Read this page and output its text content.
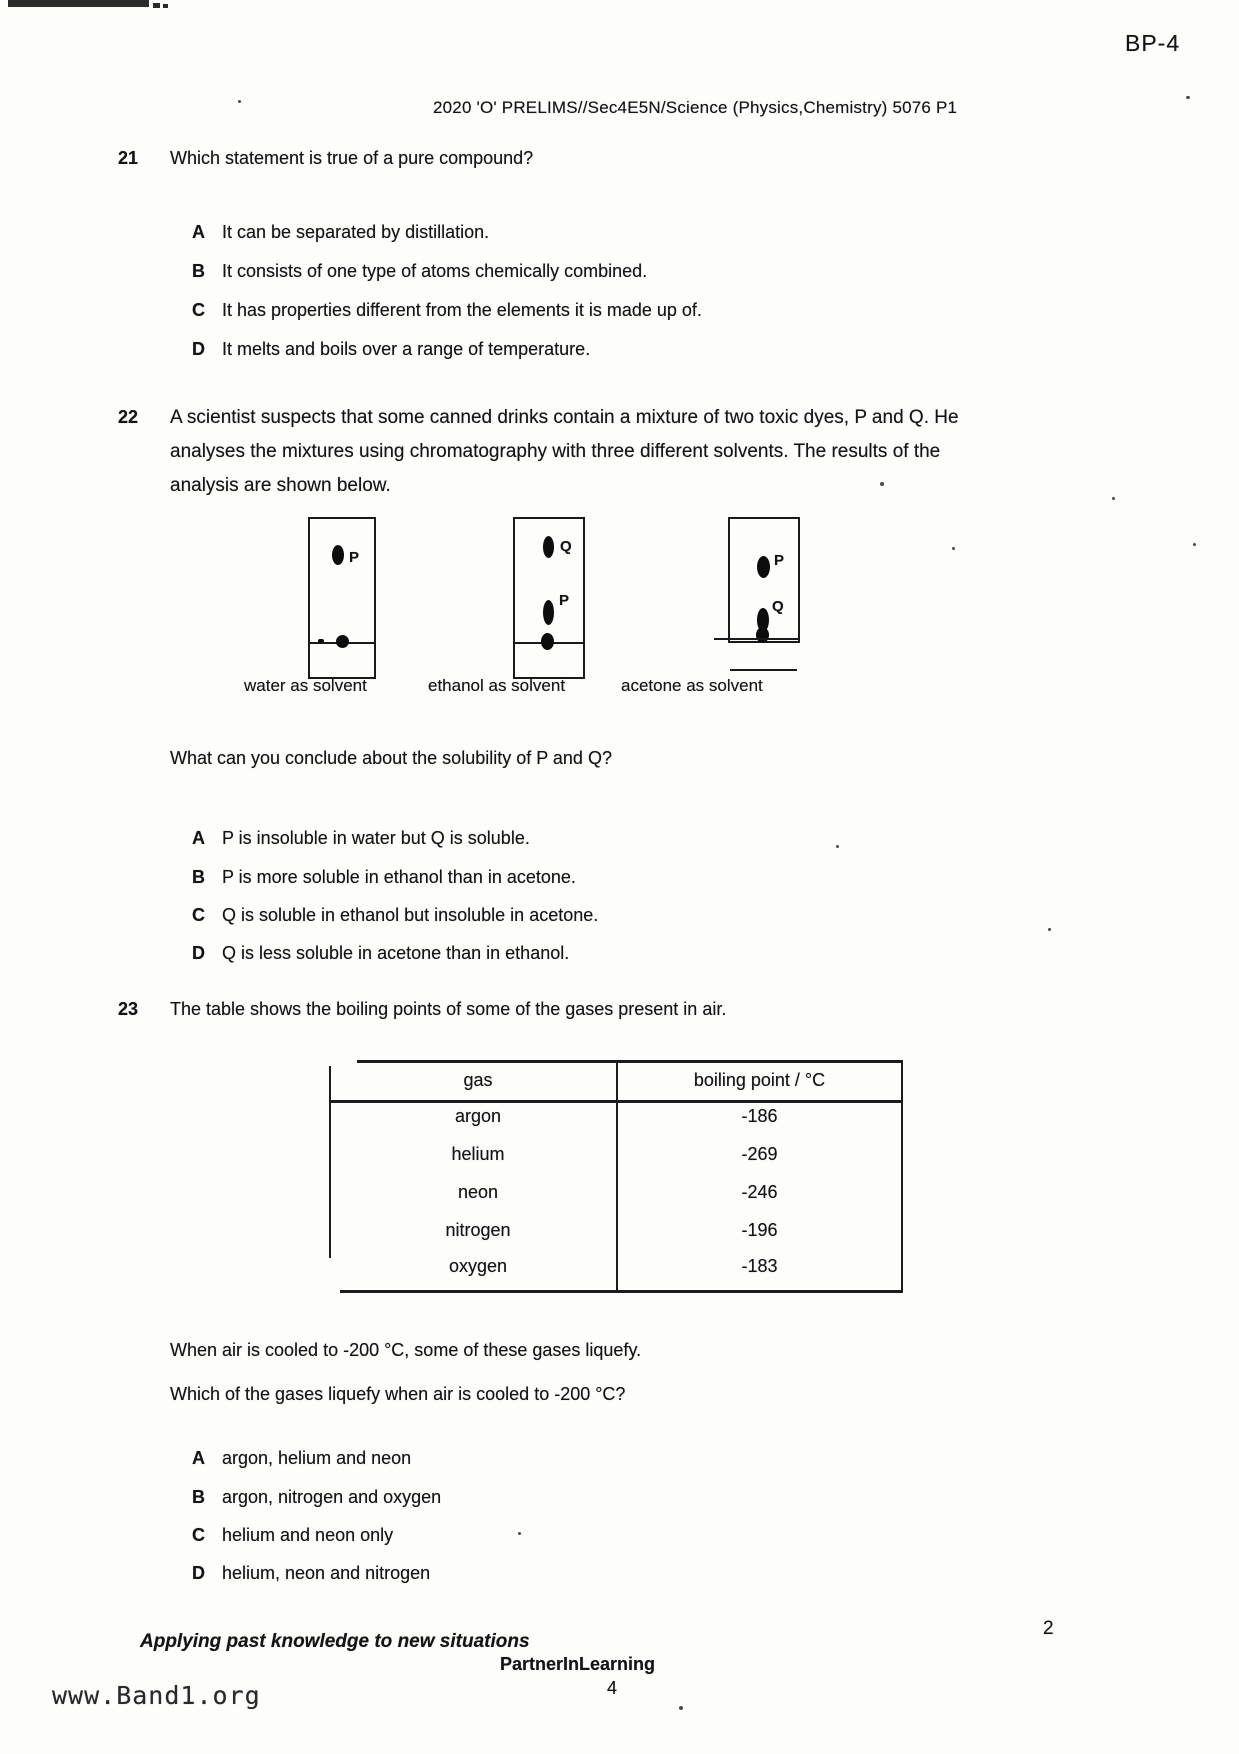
BP-4
2020 'O' PRELIMS//Sec4E5N/Science (Physics,Chemistry) 5076 P1
21 Which statement is true of a pure compound?
A It can be separated by distillation.
B It consists of one type of atoms chemically combined.
C It has properties different from the elements it is made up of.
D It melts and boils over a range of temperature.
22 A scientist suspects that some canned drinks contain a mixture of two toxic dyes, P and Q. He
analyses the mixtures using chromatography with three different solvents. The results of the
analysis are shown below.
P
water as solvent
Q
P
ethanol as solvent
P
Q
acetone as solvent
What can you conclude about the solubility of P and Q?
A P is insoluble in water but Q is soluble.
B P is more soluble in ethanol than in acetone.
C Q is soluble in ethanol but insoluble in acetone.
D Q is less soluble in acetone than in ethanol.
23 The table shows the boiling points of some of the gases present in air.
gas	boiling point / °C
argon	-186
helium	-269
neon	-246
nitrogen	-196
oxygen	-183
When air is cooled to -200 °C, some of these gases liquefy.
Which of the gases liquefy when air is cooled to -200 °C?
A argon, helium and neon
B argon, nitrogen and oxygen
C helium and neon only
D helium, neon and nitrogen
Applying past knowledge to new situations
2
PartnerInLearning
4
www.Band1.org
